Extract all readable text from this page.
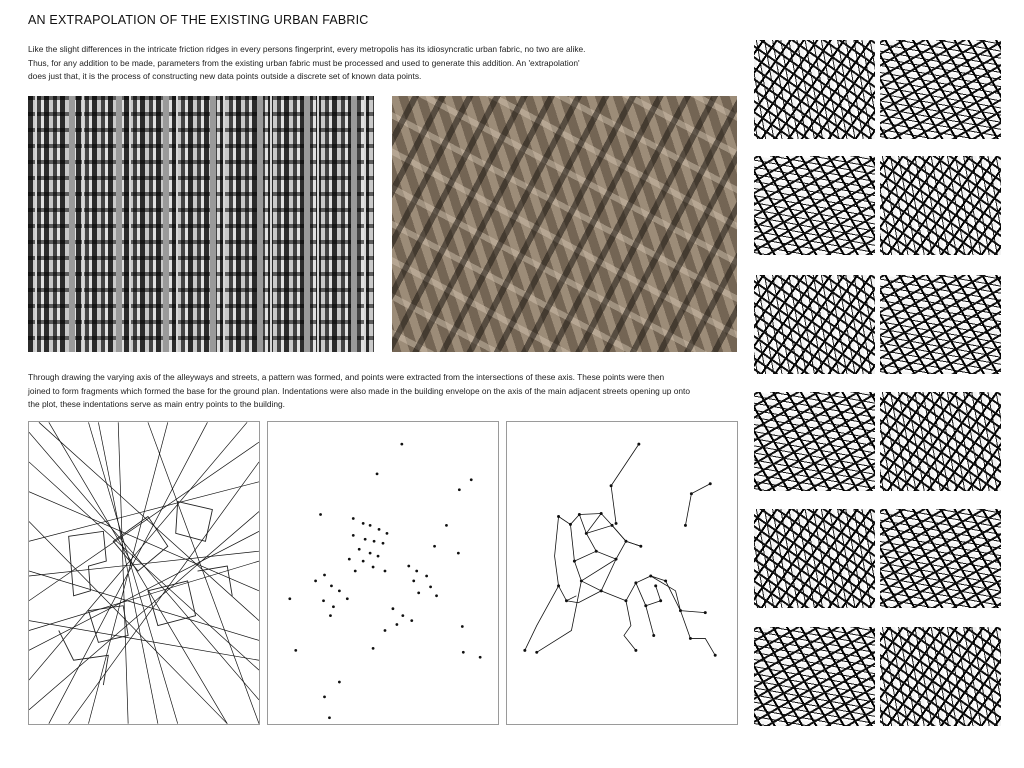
AN EXTRAPOLATION OF THE EXISTING URBAN FABRIC
Like the slight differences in the intricate friction ridges in every persons fingerprint, every metropolis has its idiosyncratic urban fabric, no two are alike.
Thus, for any addition to be made, parameters from the existing urban fabric must be processed and used to generate this addition. An 'extrapolation'
does just that, it is the process of constructing new data points outside a discrete set of known data points.
Through drawing the varying axis of the alleyways and streets, a pattern was formed, and points were extracted from the intersections of these axis. These points were then
joined to form fragments which formed the base for the ground plan. Indentations were also made in the building envelope on the axis of the main adjacent streets opening up onto
the plot, these indentations serve as main entry points to the building.
